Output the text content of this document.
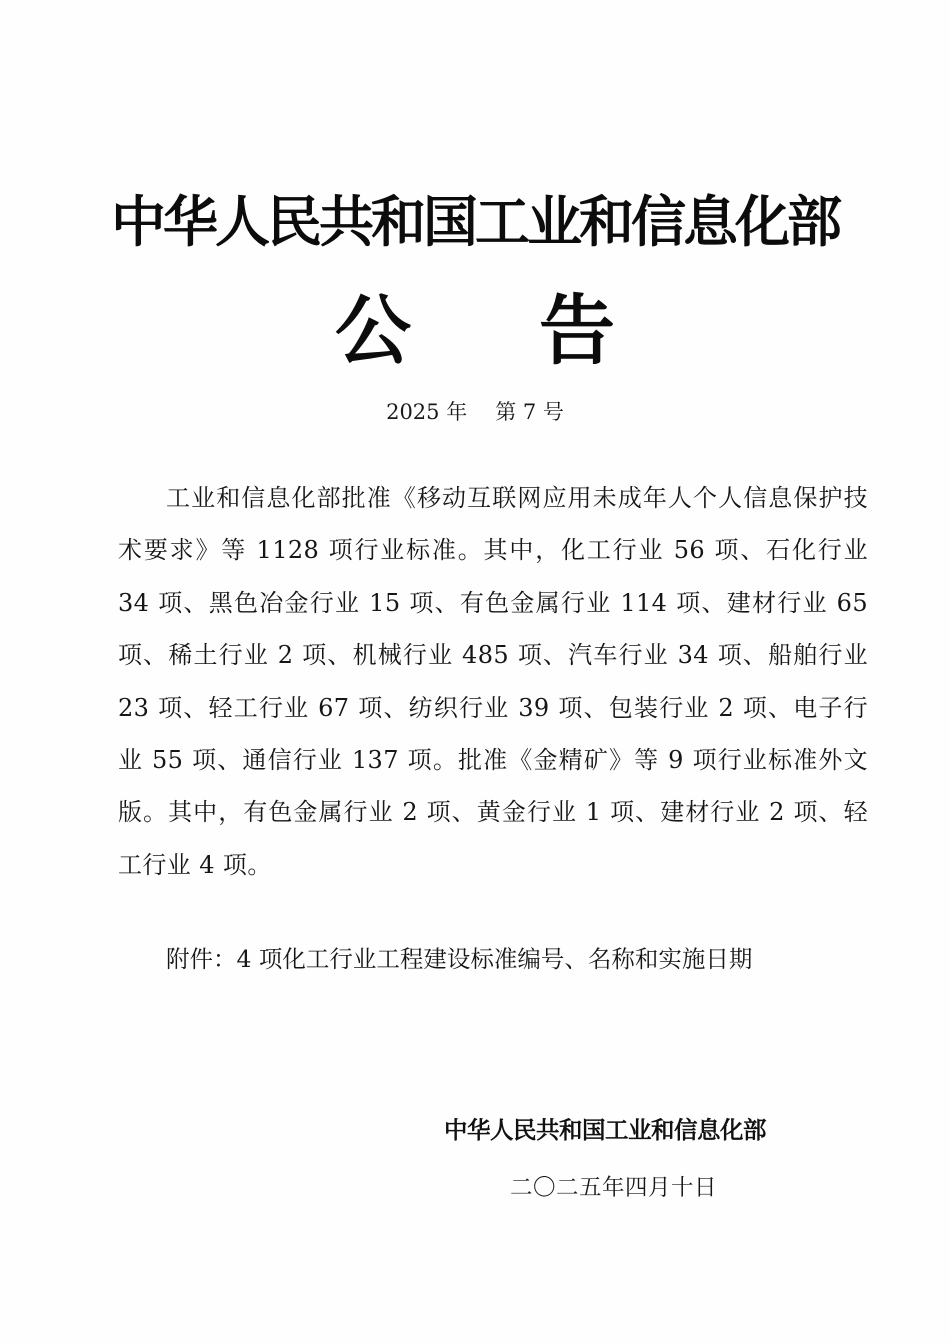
中华人民共和国工业和信息化部
公 告
2025 年 第 7 号

工业和信息化部批准《移动互联网应用未成年人个人信息保护技术要求》等 1128 项行业标准。其中，化工行业 56 项、石化行业 34 项、黑色冶金行业 15 项、有色金属行业 114 项、建材行业 65 项、稀土行业 2 项、机械行业 485 项、汽车行业 34 项、船舶行业 23 项、轻工行业 67 项、纺织行业 39 项、包装行业 2 项、电子行业 55 项、通信行业 137 项。批准《金精矿》等 9 项行业标准外文版。其中，有色金属行业 2 项、黄金行业 1 项、建材行业 2 项、轻工行业 4 项。

附件：4 项化工行业工程建设标准编号、名称和实施日期
中华人民共和国工业和信息化部
二〇二五年四月十日
